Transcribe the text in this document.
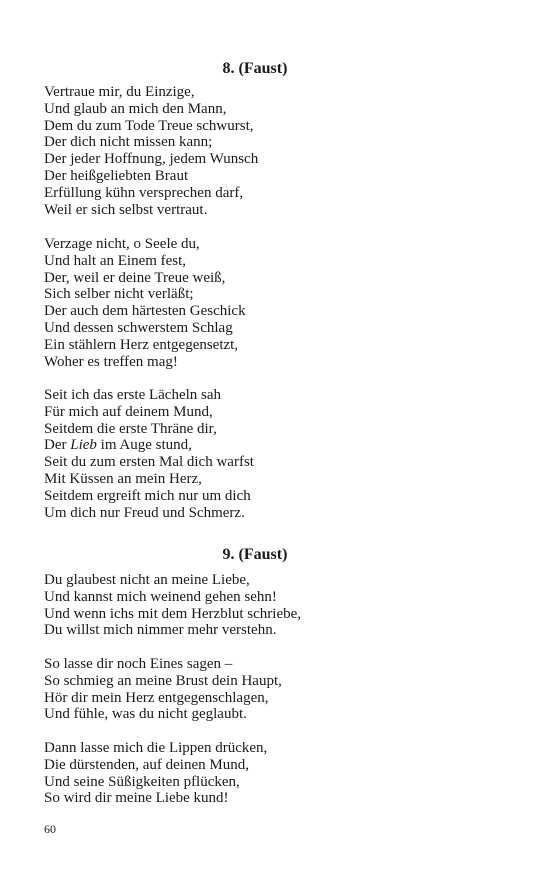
8. (Faust)
Vertraue mir, du Einzige,
Und glaub an mich den Mann,
Dem du zum Tode Treue schwurst,
Der dich nicht missen kann;
Der jeder Hoffnung, jedem Wunsch
Der heißgeliebten Braut
Erfüllung kühn versprechen darf,
Weil er sich selbst vertraut.
Verzage nicht, o Seele du,
Und halt an Einem fest,
Der, weil er deine Treue weiß,
Sich selber nicht verläßt;
Der auch dem härtesten Geschick
Und dessen schwerstem Schlag
Ein stählern Herz entgegensetzt,
Woher es treffen mag!
Seit ich das erste Lächeln sah
Für mich auf deinem Mund,
Seitdem die erste Thräne dir,
Der Lieb im Auge stund,
Seit du zum ersten Mal dich warfst
Mit Küssen an mein Herz,
Seitdem ergreift mich nur um dich
Um dich nur Freud und Schmerz.
9. (Faust)
Du glaubest nicht an meine Liebe,
Und kannst mich weinend gehen sehn!
Und wenn ichs mit dem Herzblut schriebe,
Du willst mich nimmer mehr verstehn.
So lasse dir noch Eines sagen –
So schmieg an meine Brust dein Haupt,
Hör dir mein Herz entgegenschlagen,
Und fühle, was du nicht geglaubt.
Dann lasse mich die Lippen drücken,
Die dürstenden, auf deinen Mund,
Und seine Süßigkeiten pflücken,
So wird dir meine Liebe kund!
60
